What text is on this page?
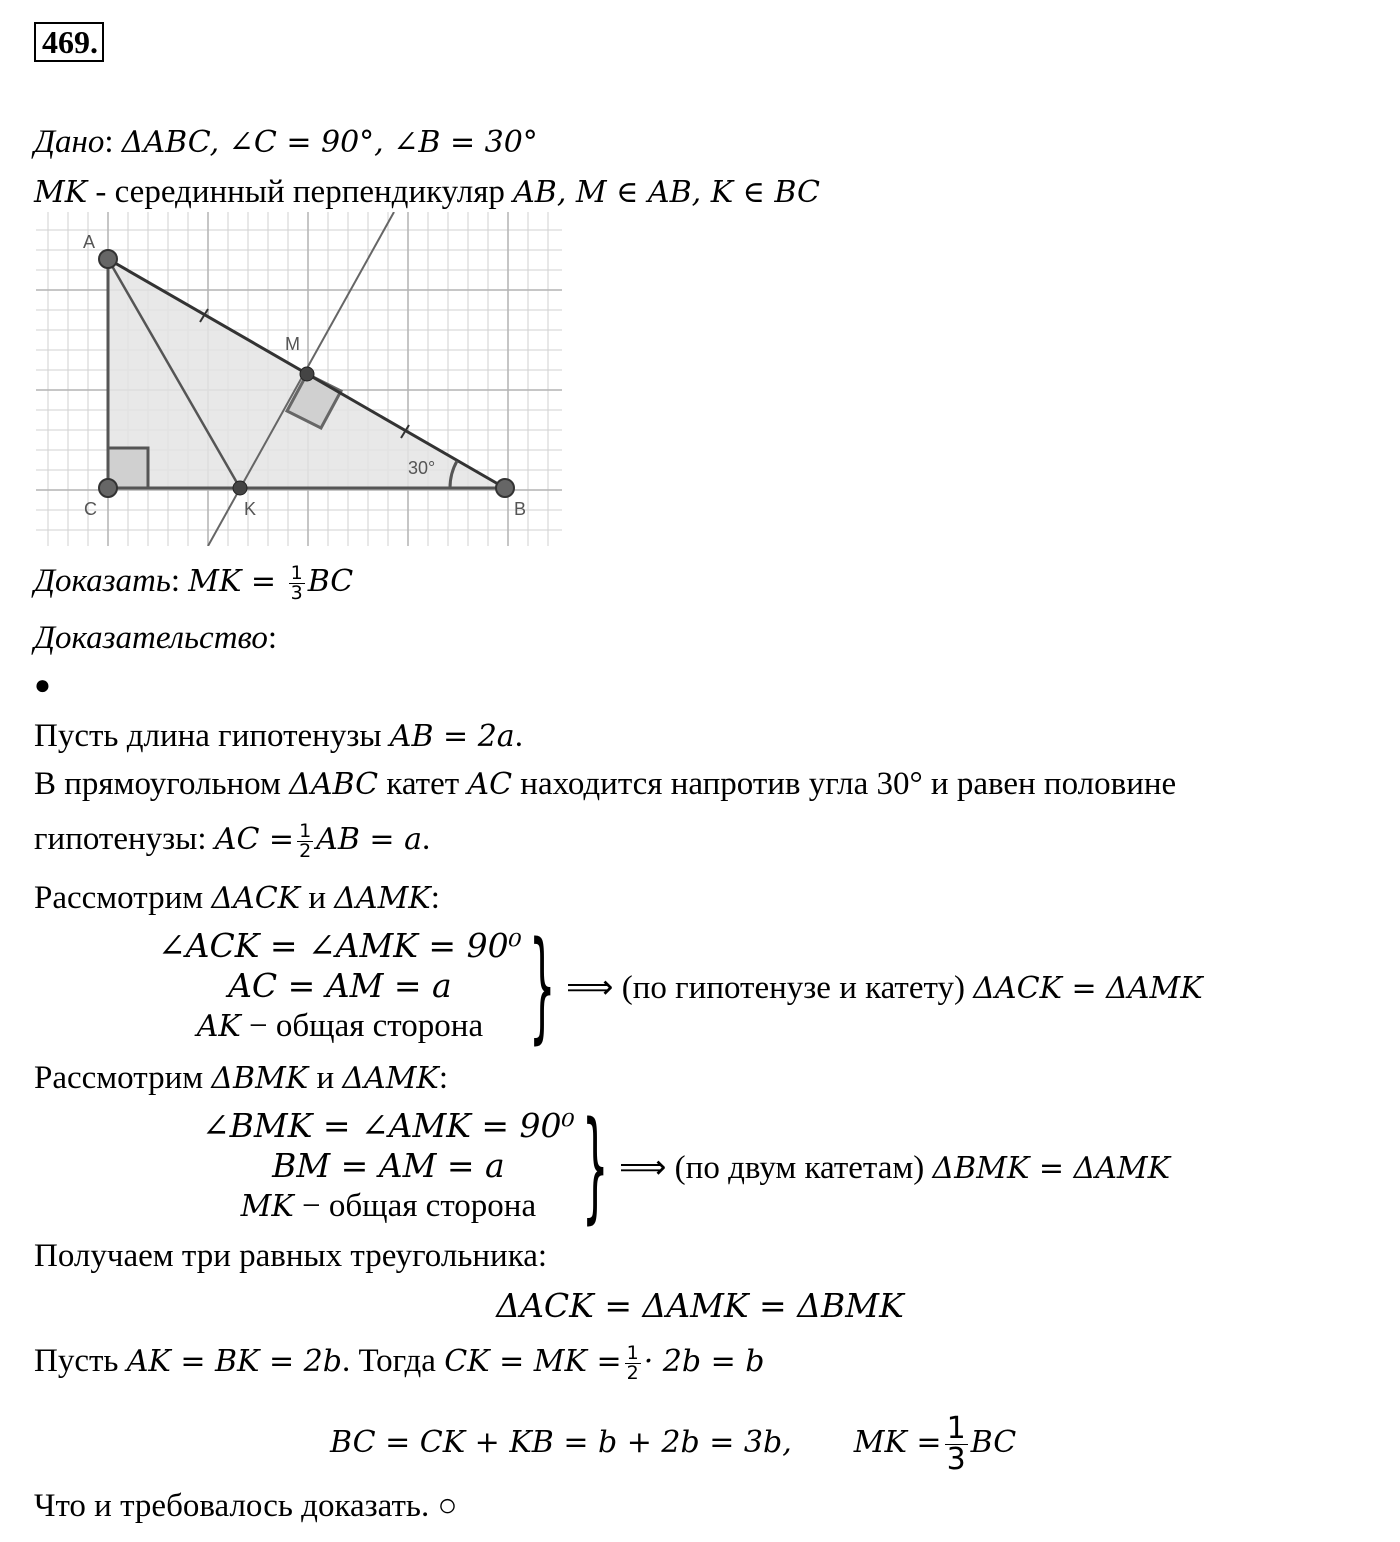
469.
Дано: ΔABC, ∠C = 90°, ∠B = 30°
MK - серединный перпендикуляр AB, M ∈ AB, K ∈ BC
A
C	K	B
M
30°
Доказать: MK = $\frac{1}{3}$ BC
Доказательство:
●
Пусть длина гипотенузы AB = 2a.
В прямоугольном ΔABC катет AC находится напротив угла 30° и равен половине
гипотенузы: AC = $\frac{1}{2}$ AB = a.
Рассмотрим ΔACK и ΔAMK:
∠ACK = ∠AMK = 90⁰
AC = AM = a
AK − общая сторона } ⟹ (по гипотенузе и катету) ΔACK = ΔAMK
Рассмотрим ΔBMK и ΔAMK:
∠BMK = ∠AMK = 90⁰
BM = AM = a
MK − общая сторона } ⟹ (по двум катетам) ΔBMK = ΔAMK
Получаем три равных треугольника:
ΔACK = ΔAMK = ΔBMK
Пусть AK = BK = 2b. Тогда CK = MK = $\frac{1}{2} \cdot 2b = b$
BC = CK + KB = b + 2b = 3b, MK = $\frac{1}{3}$ BC
Что и требовалось доказать. ○
